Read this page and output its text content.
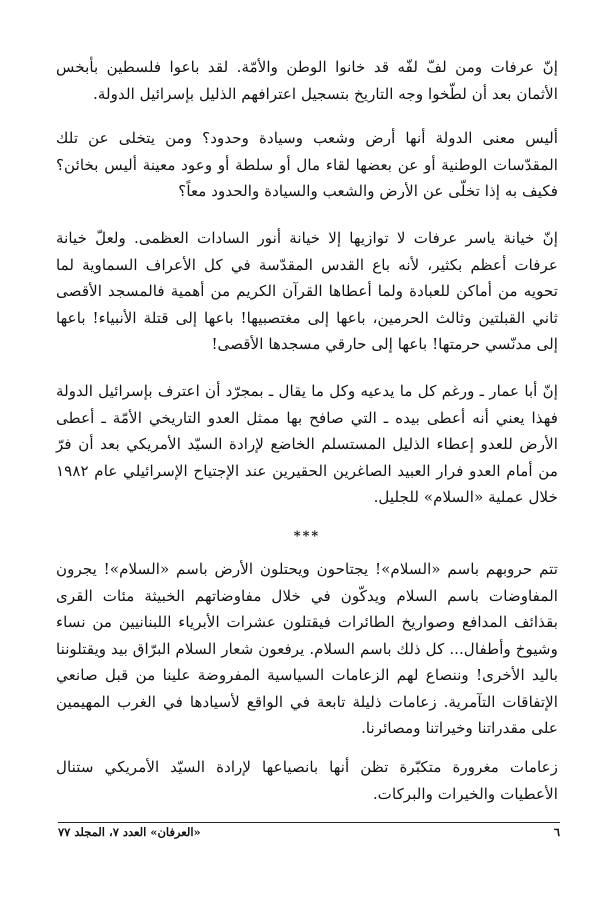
إنّ عرفات ومن لفّ لفّه قد خانوا الوطن والأمّة. لقد باعوا فلسطين بأبخس الأثمان بعد أن لطّخوا وجه التاريخ بتسجيل اعترافهم الذليل بإسرائيل الدولة.

أليس معنى الدولة أنها أرض وشعب وسيادة وحدود؟ ومن يتخلى عن تلك المقدّسات الوطنية أو عن بعضها لقاء مال أو سلطة أو وعود معينة أليس بخائن؟ فكيف به إذا تخلّى عن الأرض والشعب والسيادة والحدود معاً؟

إنّ خيانة ياسر عرفات لا توازيها إلا خيانة أنور السادات العظمى. ولعلّ خيانة عرفات أعظم بكثير، لأنه باع القدس المقدّسة في كل الأعراف السماوية لما تحويه من أماكن للعبادة ولما أعطاها القرآن الكريم من أهمية فالمسجد الأقصى ثاني القبلتين وثالث الحرمين، باعها إلى مغتصبيها! باعها إلى قتلة الأنبياء! باعها إلى مدنّسي حرمتها! باعها إلى حارقي مسجدها الأقصى!

إنّ أبا عمار ـ ورغم كل ما يدعيه وكل ما يقال ـ بمجرّد أن اعترف بإسرائيل الدولة فهذا يعني أنه أعطى بيده ـ التي صافح بها ممثل العدو التاريخي الأمّة ـ أعطى الأرض للعدو إعطاء الذليل المستسلم الخاضع لإرادة السيّد الأمريكي بعد أن فرّ من أمام العدو فرار العبيد الصاغرين الحقيرين عند الإجتياح الإسرائيلي عام ١٩٨٢ خلال عملية «السلام» للجليل.

***

تتم حروبهم باسم «السلام»! يجتاحون ويحتلون الأرض باسم «السلام»! يجرون المفاوضات باسم السلام ويدكّون في خلال مفاوضاتهم الخبيثة مئات القرى بقذائف المدافع وصواريخ الطائرات فيقتلون عشرات الأبرياء اللبنانيين من نساء وشيوخ وأطفال... كل ذلك باسم السلام. يرفعون شعار السلام البرّاق بيد ويقتلوننا باليد الأخرى! وننصاع لهم الزعامات السياسية المفروضة علينا من قبل صانعي الإتفاقات التآمرية. زعامات ذليلة تابعة في الواقع لأسيادها في الغرب المهيمين على مقدراتنا وخيراتنا ومصائرنا.

زعامات مغرورة متكبّرة تظن أنها بانصياعها لإرادة السيّد الأمريكي ستنال الأعطيات والخيرات والبركات.

٦
«العرفان» العدد ٧، المجلد ٧٧
